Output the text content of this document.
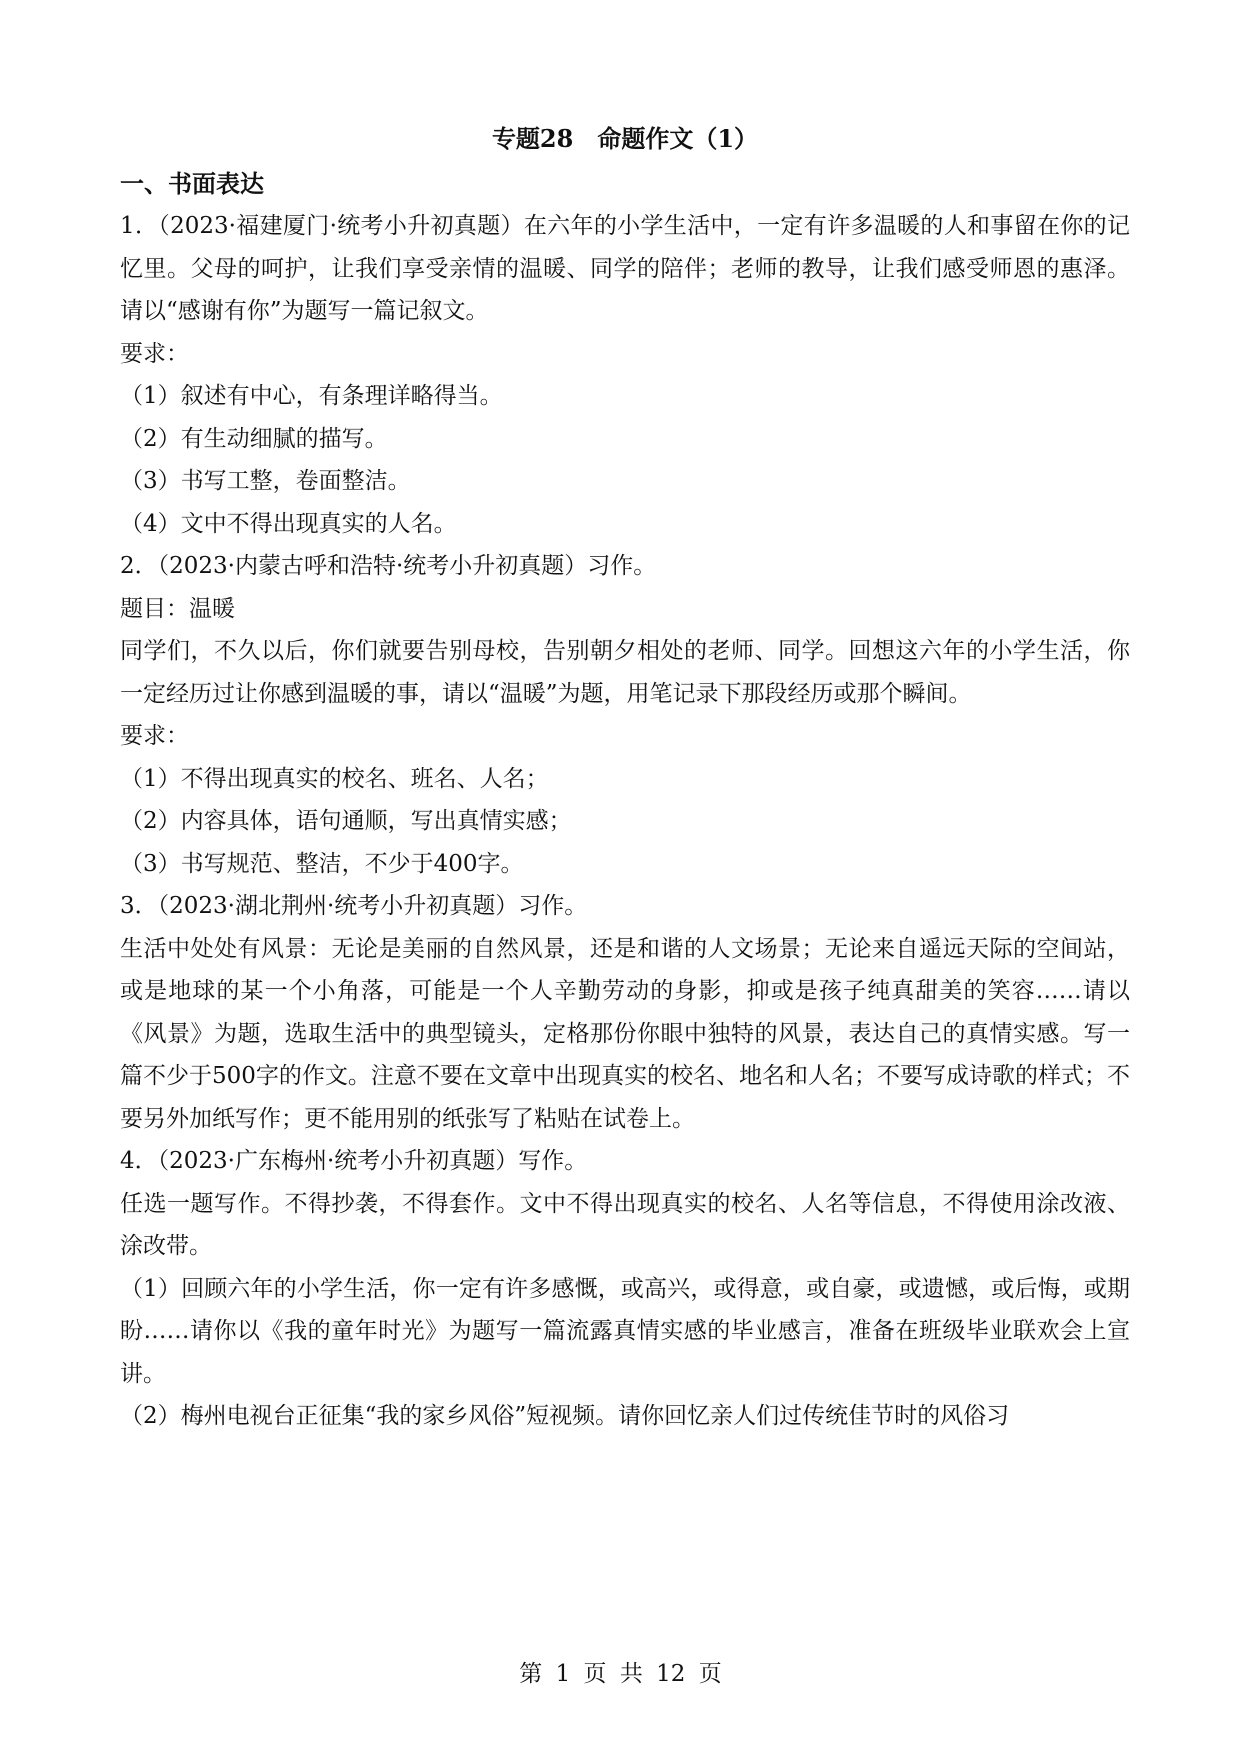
专题28　命题作文（1）
一、书面表达

1．（2023·福建厦门·统考小升初真题）在六年的小学生活中，一定有许多温暖的人和事留在你的记忆里。父母的呵护，让我们享受亲情的温暖、同学的陪伴；老师的教导，让我们感受师恩的惠泽。请以“感谢有你”为题写一篇记叙文。

要求：

（1）叙述有中心，有条理详略得当。

（2）有生动细腻的描写。

（3）书写工整，卷面整洁。

（4）文中不得出现真实的人名。

2．（2023·内蒙古呼和浩特·统考小升初真题）习作。

题目：温暖

同学们，不久以后，你们就要告别母校，告别朝夕相处的老师、同学。回想这六年的小学生活，你一定经历过让你感到温暖的事，请以“温暖”为题，用笔记录下那段经历或那个瞬间。

要求：

（1）不得出现真实的校名、班名、人名；

（2）内容具体，语句通顺，写出真情实感；

（3）书写规范、整洁，不少于400字。

3．（2023·湖北荆州·统考小升初真题）习作。

生活中处处有风景：无论是美丽的自然风景，还是和谐的人文场景；无论来自遥远天际的空间站，或是地球的某一个小角落，可能是一个人辛勤劳动的身影，抑或是孩子纯真甜美的笑容……请以《风景》为题，选取生活中的典型镜头，定格那份你眼中独特的风景，表达自己的真情实感。写一篇不少于500字的作文。注意不要在文章中出现真实的校名、地名和人名；不要写成诗歌的样式；不要另外加纸写作；更不能用别的纸张写了粘贴在试卷上。

4．（2023·广东梅州·统考小升初真题）写作。

任选一题写作。不得抄袭，不得套作。文中不得出现真实的校名、人名等信息，不得使用涂改液、涂改带。

（1）回顾六年的小学生活，你一定有许多感慨，或高兴，或得意，或自豪，或遗憾，或后悔，或期盼……请你以《我的童年时光》为题写一篇流露真情实感的毕业感言，准备在班级毕业联欢会上宣讲。

（2）梅州电视台正征集“我的家乡风俗”短视频。请你回忆亲人们过传统佳节时的风俗习

第 1 页 共 12 页
